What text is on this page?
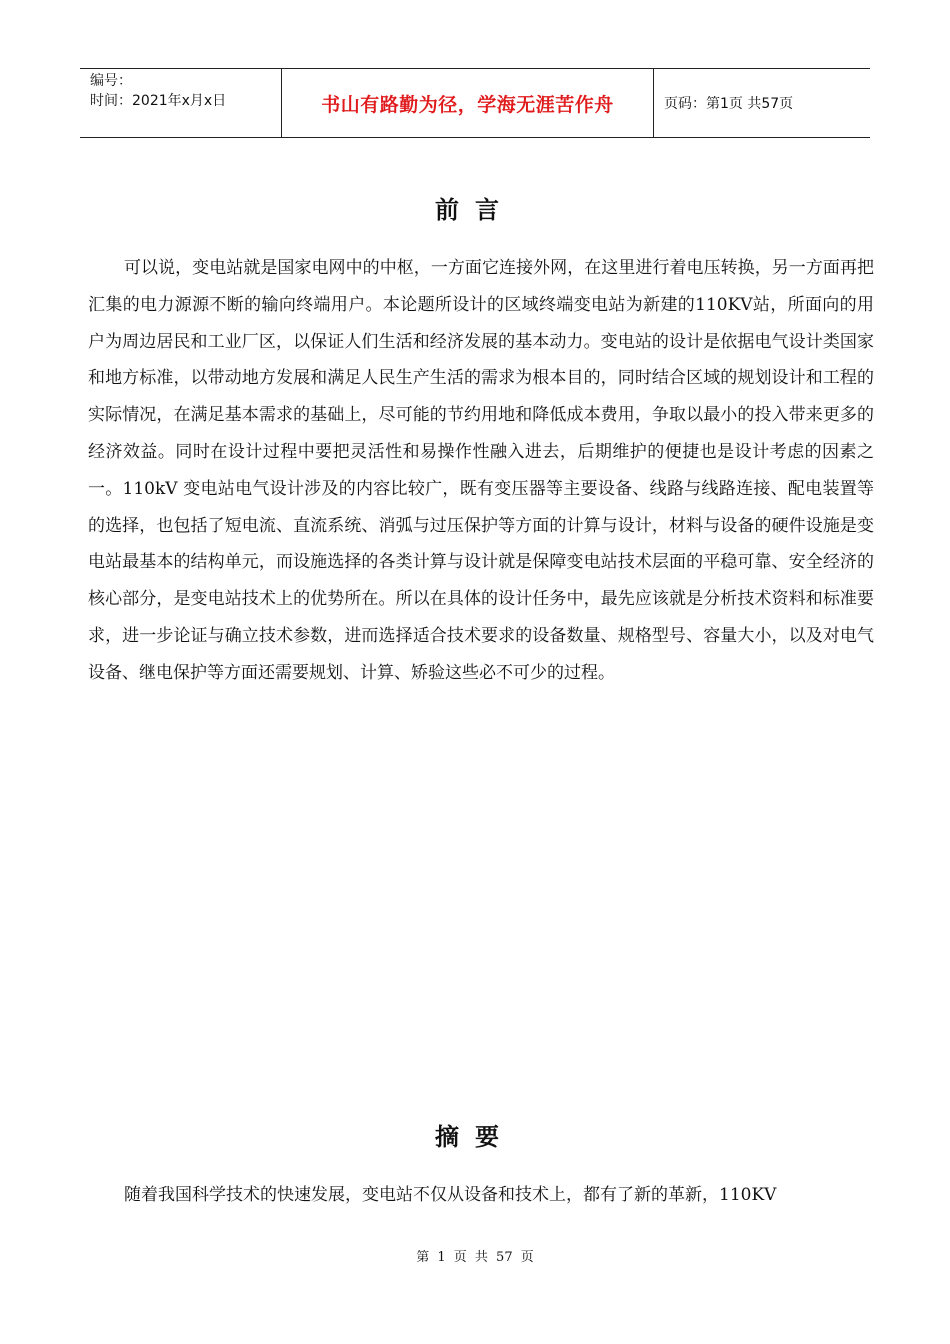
编号：
时间：2021年x月x日	书山有路勤为径，学海无涯苦作舟	页码：第1页 共57页
前言

可以说，变电站就是国家电网中的中枢，一方面它连接外网，在这里进行着电压转换，另一方面再把汇集的电力源源不断的输向终端用户。本论题所设计的区域终端变电站为新建的110KV站，所面向的用户为周边居民和工业厂区，以保证人们生活和经济发展的基本动力。变电站的设计是依据电气设计类国家和地方标准，以带动地方发展和满足人民生产生活的需求为根本目的，同时结合区域的规划设计和工程的实际情况，在满足基本需求的基础上，尽可能的节约用地和降低成本费用，争取以最小的投入带来更多的经济效益。同时在设计过程中要把灵活性和易操作性融入进去，后期维护的便捷也是设计考虑的因素之一。110kV 变电站电气设计涉及的内容比较广，既有变压器等主要设备、线路与线路连接、配电装置等的选择，也包括了短电流、直流系统、消弧与过压保护等方面的计算与设计，材料与设备的硬件设施是变电站最基本的结构单元，而设施选择的各类计算与设计就是保障变电站技术层面的平稳可靠、安全经济的核心部分，是变电站技术上的优势所在。所以在具体的设计任务中，最先应该就是分析技术资料和标准要求，进一步论证与确立技术参数，进而选择适合技术要求的设备数量、规格型号、容量大小，以及对电气设备、继电保护等方面还需要规划、计算、矫验这些必不可少的过程。

摘要

随着我国科学技术的快速发展，变电站不仅从设备和技术上，都有了新的革新，110KV

第 1 页 共 57 页
